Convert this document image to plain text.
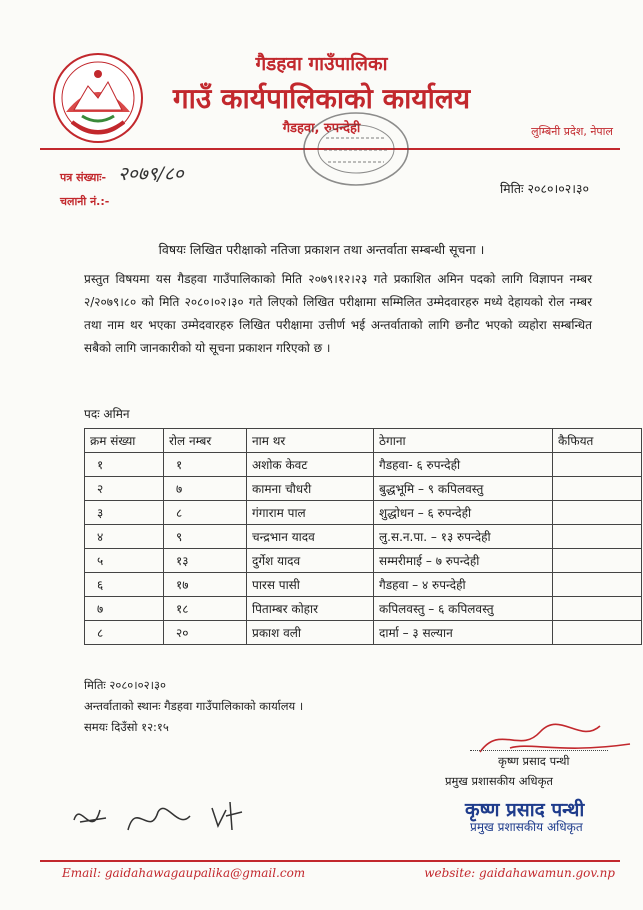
गैडहवा गाउँपालिका
गाउँ कार्यपालिकाको कार्यालय
गैडहवा, रुपन्देही	लुम्बिनी प्रदेश, नेपाल
पत्र संख्याः- २०७९/८०
चलानी नं.:-
मितिः २०८०।०२।३०
विषयः लिखित परीक्षाको नतिजा प्रकाशन तथा अन्तर्वाता सम्बन्धी सूचना ।
प्रस्तुत विषयमा यस गैडहवा गाउँपालिकाको मिति २०७९।१२।२३ गते प्रकाशित अमिन पदको लागि विज्ञापन नम्बर २/२०७९।८० को मिति २०८०।०२।३० गते लिएको लिखित परीक्षामा सम्मिलित उम्मेदवारहरु मध्ये देहायको रोल नम्बर तथा नाम थर भएका उम्मेदवारहरु लिखित परीक्षामा उत्तीर्ण भई अन्तर्वाताको लागि छनौट भएको व्यहोरा सम्बन्धित सबैको लागि जानकारीको यो सूचना प्रकाशन गरिएको छ ।
पदः अमिन
क्रम संख्या	रोल नम्बर	नाम थर	ठेगाना	कैफियत
१	१	अशोक केवट	गैडहवा- ६ रुपन्देही	
२	७	कामना चौधरी	बुद्धभूमि – ९ कपिलवस्तु	
३	८	गंगाराम पाल	शुद्धोधन – ६ रुपन्देही	
४	९	चन्द्रभान यादव	लु.स.न.पा. – १३ रुपन्देही	
५	१३	दुर्गेश यादव	सम्मरीमाई – ७ रुपन्देही	
६	१७	पारस पासी	गैडहवा – ४ रुपन्देही	
७	१८	पिताम्बर कोहार	कपिलवस्तु – ६ कपिलवस्तु	
८	२०	प्रकाश वली	दार्मा – ३ सल्यान	
मितिः २०८०।०२।३०
अन्तर्वाताको स्थानः गैडहवा गाउँपालिकाको कार्यालय ।
समयः दिउँसो १२:१५
कृष्ण प्रसाद पन्थी
प्रमुख प्रशासकीय अधिकृत
कृष्ण प्रसाद पन्थी
प्रमुख प्रशासकीय अधिकृत
Email: gaidahawagaupalika@gmail.com	website: gaidahawamun.gov.np
